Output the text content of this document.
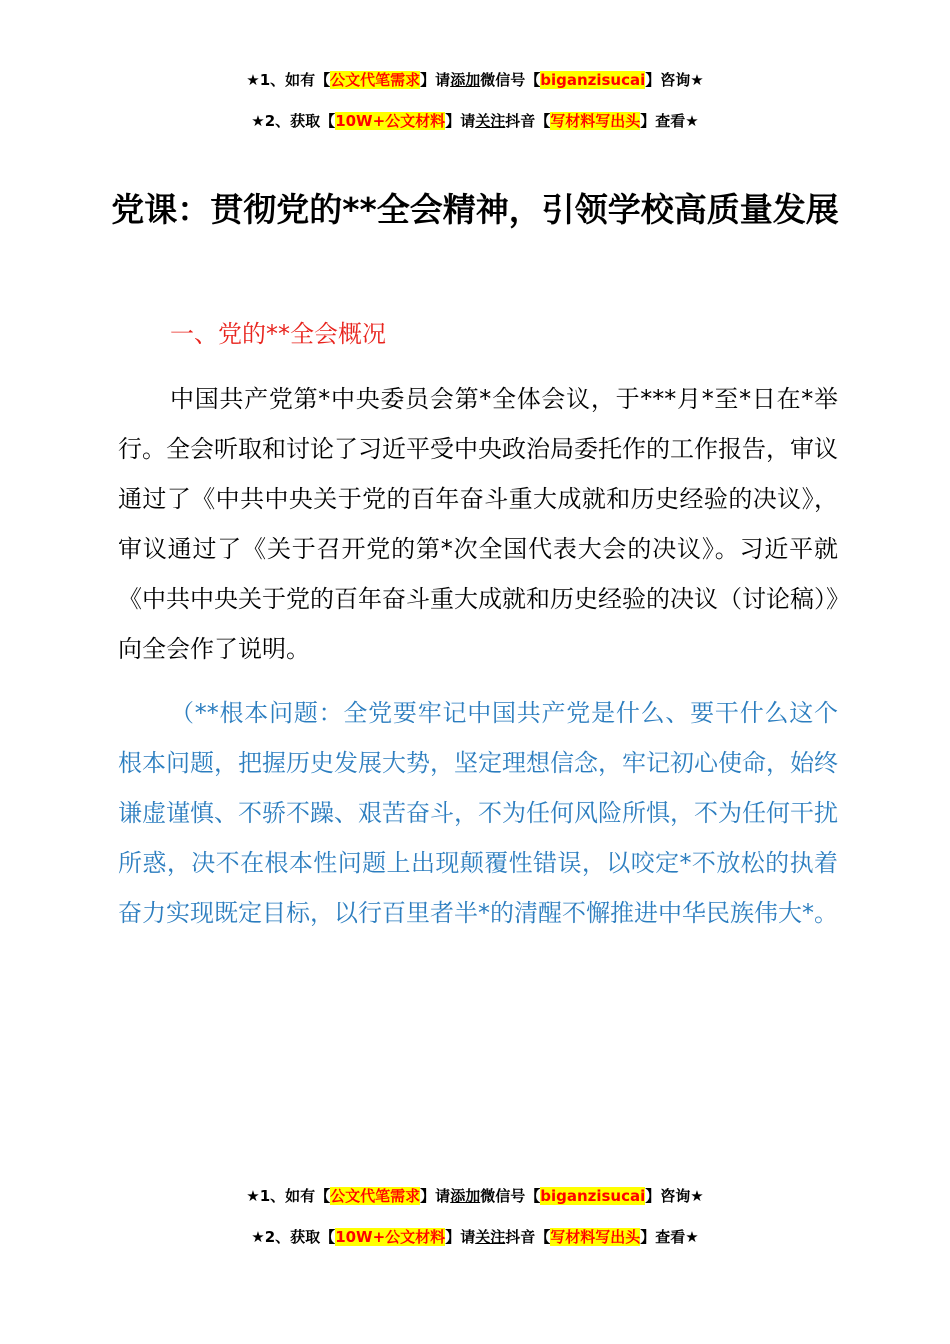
★1、如有【公文代笔需求】请添加微信号【biganzisucai】咨询★
★2、获取【10W+公文材料】请关注抖音【写材料写出头】查看★
党课：贯彻党的**全会精神，引领学校高质量发展
一、党的**全会概况

中国共产党第*中央委员会第*全体会议，于***月*至*日在*举行。全会听取和讨论了习近平受中央政治局委托作的工作报告，审议通过了《中共中央关于党的百年奋斗重大成就和历史经验的决议》，审议通过了《关于召开党的第*次全国代表大会的决议》。习近平就《中共中央关于党的百年奋斗重大成就和历史经验的决议（讨论稿）》向全会作了说明。

（**根本问题：全党要牢记中国共产党是什么、要干什么这个根本问题，把握历史发展大势，坚定理想信念，牢记初心使命，始终谦虚谨慎、不骄不躁、艰苦奋斗，不为任何风险所惧，不为任何干扰所惑，决不在根本性问题上出现颠覆性错误，以咬定*不放松的执着奋力实现既定目标，以行百里者半*的清醒不懈推进中华民族伟大*。

★1、如有【公文代笔需求】请添加微信号【biganzisucai】咨询★
★2、获取【10W+公文材料】请关注抖音【写材料写出头】查看★
